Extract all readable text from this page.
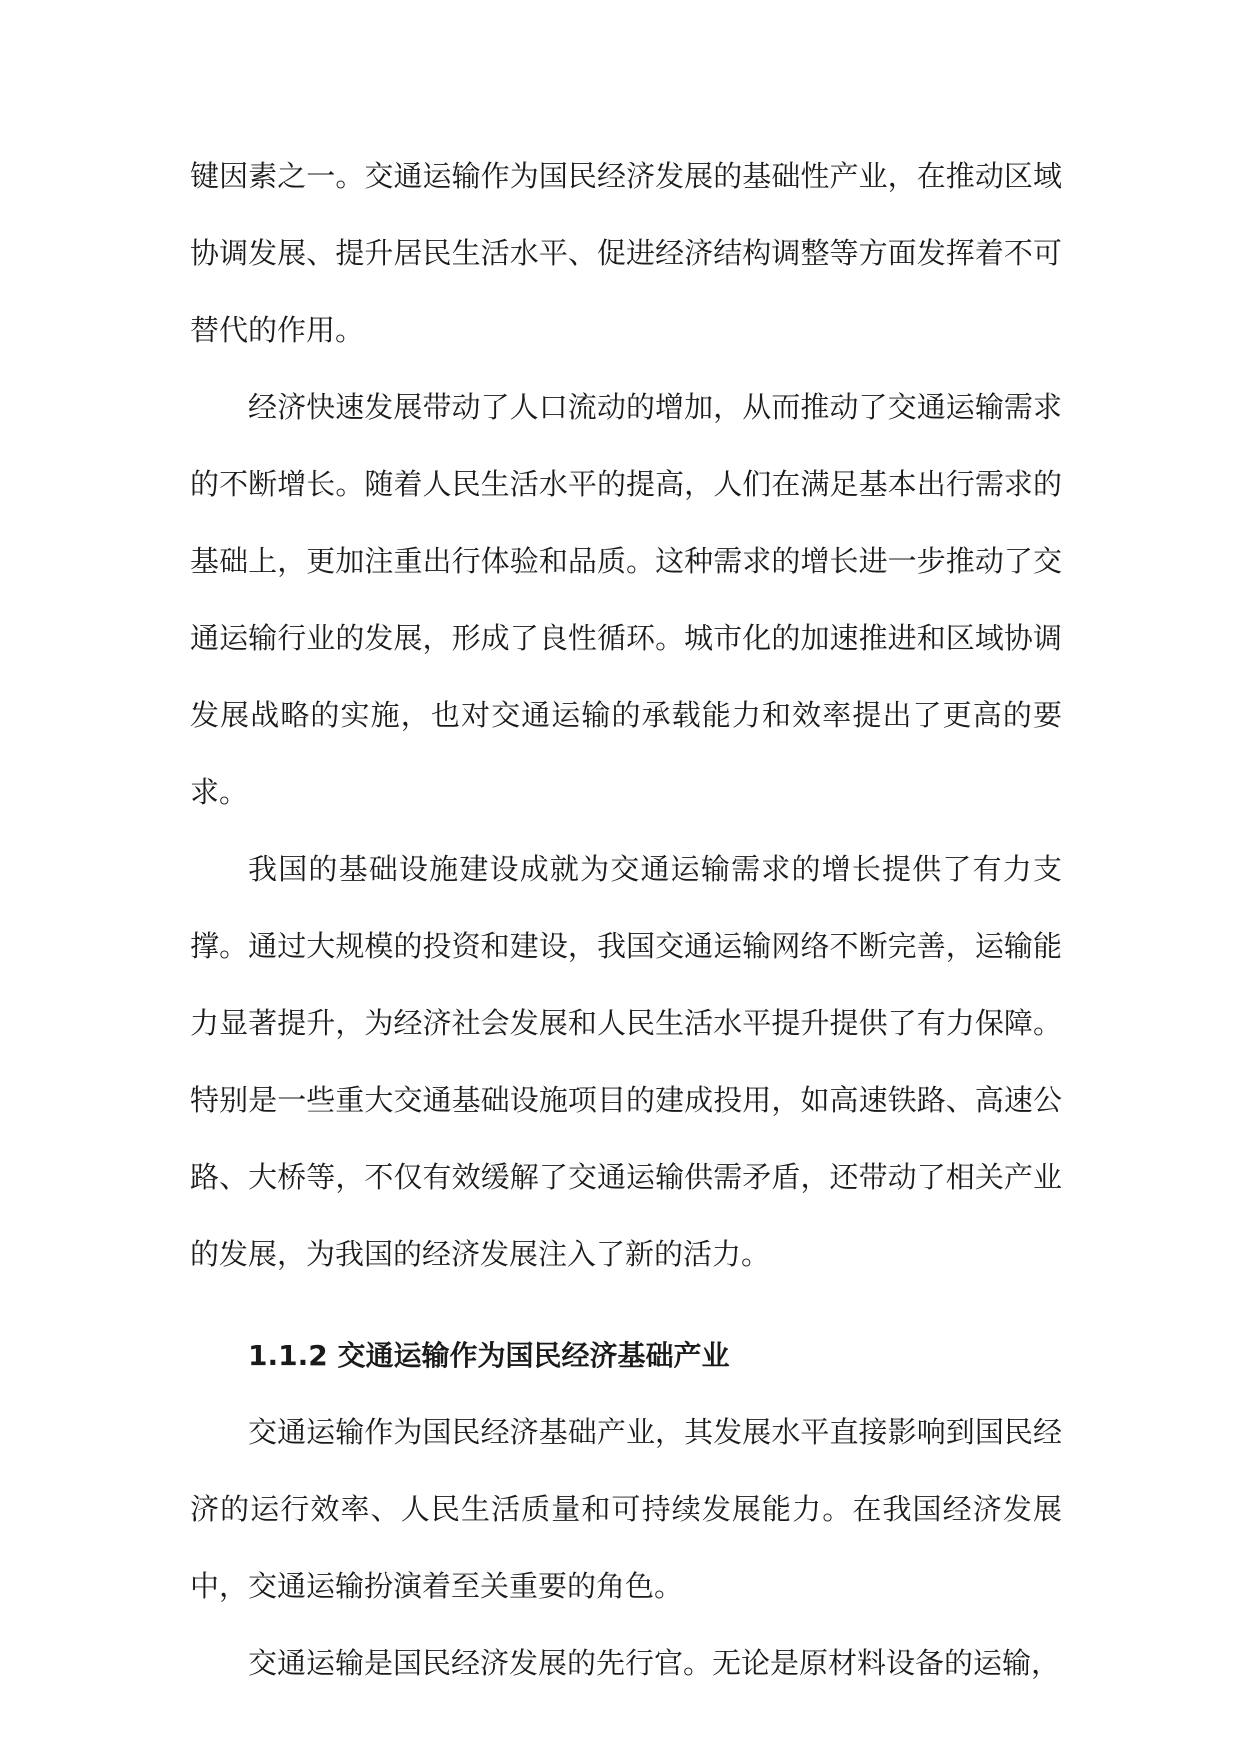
键因素之一。交通运输作为国民经济发展的基础性产业，在推动区域协调发展、提升居民生活水平、促进经济结构调整等方面发挥着不可替代的作用。

经济快速发展带动了人口流动的增加，从而推动了交通运输需求的不断增长。随着人民生活水平的提高，人们在满足基本出行需求的基础上，更加注重出行体验和品质。这种需求的增长进一步推动了交通运输行业的发展，形成了良性循环。城市化的加速推进和区域协调发展战略的实施，也对交通运输的承载能力和效率提出了更高的要求。

我国的基础设施建设成就为交通运输需求的增长提供了有力支撑。通过大规模的投资和建设，我国交通运输网络不断完善，运输能力显著提升，为经济社会发展和人民生活水平提升提供了有力保障。特别是一些重大交通基础设施项目的建成投用，如高速铁路、高速公路、大桥等，不仅有效缓解了交通运输供需矛盾，还带动了相关产业的发展，为我国的经济发展注入了新的活力。

1.1.2 交通运输作为国民经济基础产业

交通运输作为国民经济基础产业，其发展水平直接影响到国民经济的运行效率、人民生活质量和可持续发展能力。在我国经济发展中，交通运输扮演着至关重要的角色。

交通运输是国民经济发展的先行官。无论是原材料设备的运输，
